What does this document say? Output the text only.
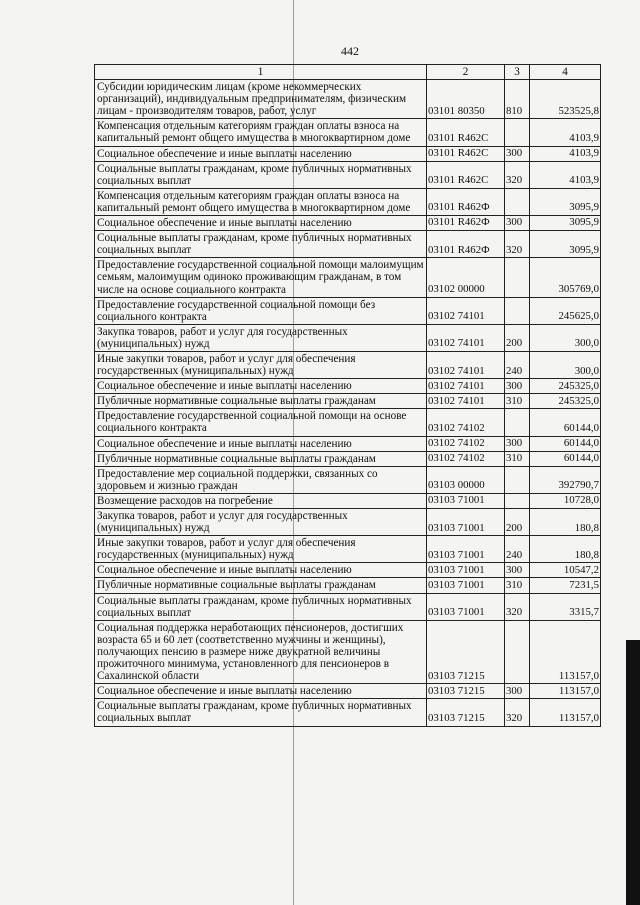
442
1	2	3	4
Субсидии юридическим лицам (кроме некоммерческих организаций), индивидуальным предпринимателям, физическим лицам - производителям товаров, работ, услуг	03101 80350	810	523525,8
Компенсация отдельным категориям граждан оплаты взноса на капитальный ремонт общего имущества в многоквартирном доме	03101 R462С		4103,9
Социальное обеспечение и иные выплаты населению	03101 R462С	300	4103,9
Социальные выплаты гражданам, кроме публичных нормативных социальных выплат	03101 R462С	320	4103,9
Компенсация отдельным категориям граждан оплаты взноса на капитальный ремонт общего имущества в многоквартирном доме	03101 R462Ф		3095,9
Социальное обеспечение и иные выплаты населению	03101 R462Ф	300	3095,9
Социальные выплаты гражданам, кроме публичных нормативных социальных выплат	03101 R462Ф	320	3095,9
Предоставление государственной социальной помощи малоимущим семьям, малоимущим одиноко проживающим гражданам, в том числе на основе социального контракта	03102 00000		305769,0
Предоставление государственной социальной помощи без социального контракта	03102 74101		245625,0
Закупка товаров, работ и услуг для государственных (муниципальных) нужд	03102 74101	200	300,0
Иные закупки товаров, работ и услуг для обеспечения государственных (муниципальных) нужд	03102 74101	240	300,0
Социальное обеспечение и иные выплаты населению	03102 74101	300	245325,0
Публичные нормативные социальные выплаты гражданам	03102 74101	310	245325,0
Предоставление государственной социальной помощи на основе социального контракта	03102 74102		60144,0
Социальное обеспечение и иные выплаты населению	03102 74102	300	60144,0
Публичные нормативные социальные выплаты гражданам	03102 74102	310	60144,0
Предоставление мер социальной поддержки, связанных со здоровьем и жизнью граждан	03103 00000		392790,7
Возмещение расходов на погребение	03103 71001		10728,0
Закупка товаров, работ и услуг для государственных (муниципальных) нужд	03103 71001	200	180,8
Иные закупки товаров, работ и услуг для обеспечения государственных (муниципальных) нужд	03103 71001	240	180,8
Социальное обеспечение и иные выплаты населению	03103 71001	300	10547,2
Публичные нормативные социальные выплаты гражданам	03103 71001	310	7231,5
Социальные выплаты гражданам, кроме публичных нормативных социальных выплат	03103 71001	320	3315,7
Социальная поддержка неработающих пенсионеров, достигших возраста 65 и 60 лет (соответственно мужчины и женщины), получающих пенсию в размере ниже двукратной величины прожиточного минимума, установленного для пенсионеров в Сахалинской области	03103 71215		113157,0
Социальное обеспечение и иные выплаты населению	03103 71215	300	113157,0
Социальные выплаты гражданам, кроме публичных нормативных социальных выплат	03103 71215	320	113157,0
